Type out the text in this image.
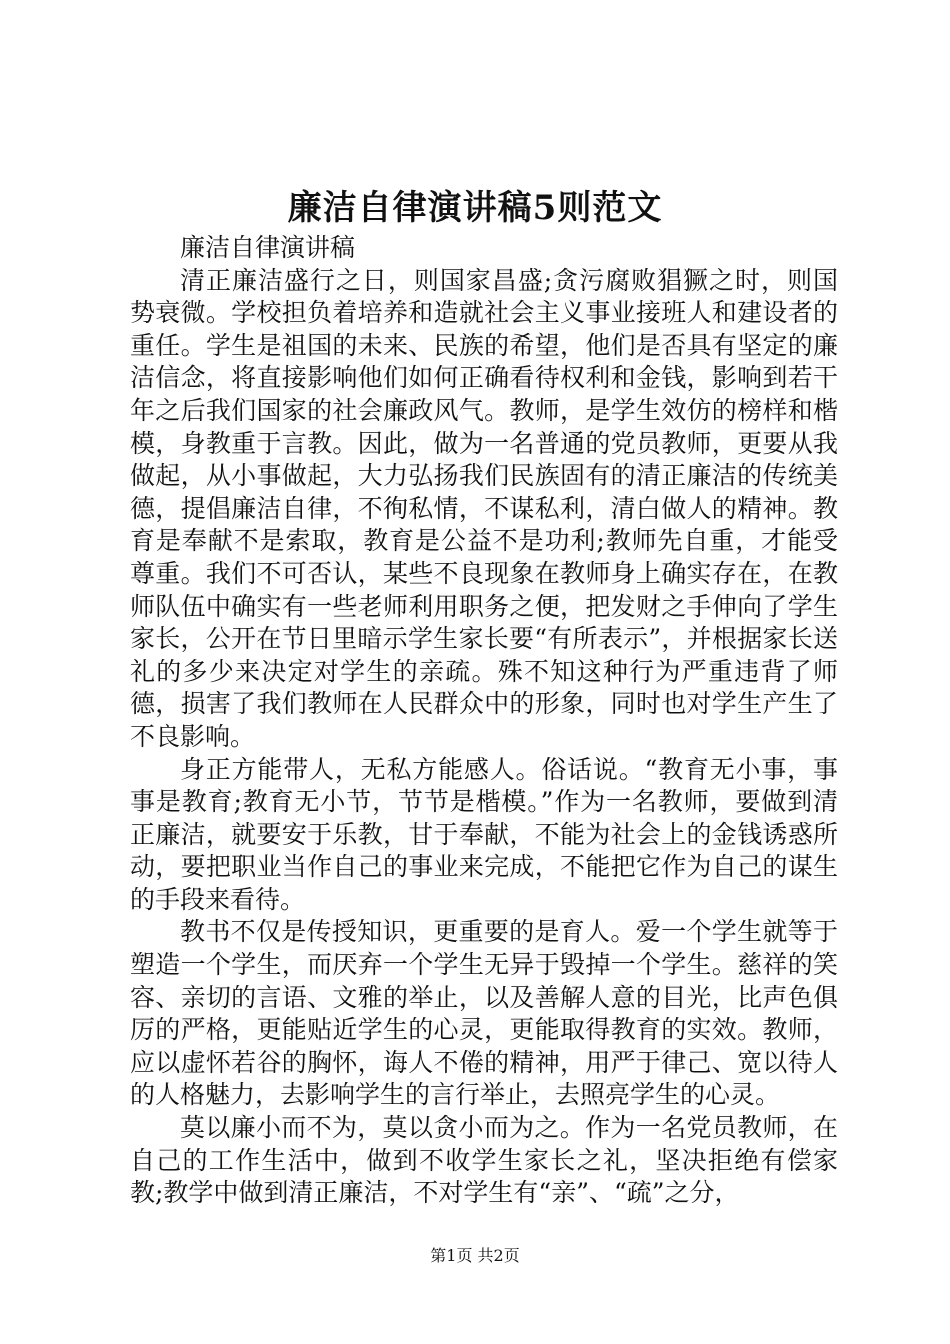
廉洁自律演讲稿5则范文

廉洁自律演讲稿

清正廉洁盛行之日，则国家昌盛;贪污腐败猖獗之时，则国势衰微。学校担负着培养和造就社会主义事业接班人和建设者的重任。学生是祖国的未来、民族的希望，他们是否具有坚定的廉洁信念，将直接影响他们如何正确看待权利和金钱，影响到若干年之后我们国家的社会廉政风气。教师，是学生效仿的榜样和楷模，身教重于言教。因此，做为一名普通的党员教师，更要从我做起，从小事做起，大力弘扬我们民族固有的清正廉洁的传统美德，提倡廉洁自律，不徇私情，不谋私利，清白做人的精神。教育是奉献不是索取，教育是公益不是功利;教师先自重，才能受尊重。我们不可否认，某些不良现象在教师身上确实存在，在教师队伍中确实有一些老师利用职务之便，把发财之手伸向了学生家长，公开在节日里暗示学生家长要“有所表示”，并根据家长送礼的多少来决定对学生的亲疏。殊不知这种行为严重违背了师德，损害了我们教师在人民群众中的形象，同时也对学生产生了不良影响。

身正方能带人，无私方能感人。俗话说。“教育无小事，事事是教育;教育无小节，节节是楷模。”作为一名教师，要做到清正廉洁，就要安于乐教，甘于奉献，不能为社会上的金钱诱惑所动，要把职业当作自己的事业来完成，不能把它作为自己的谋生的手段来看待。

教书不仅是传授知识，更重要的是育人。爱一个学生就等于塑造一个学生，而厌弃一个学生无异于毁掉一个学生。慈祥的笑容、亲切的言语、文雅的举止，以及善解人意的目光，比声色俱厉的严格，更能贴近学生的心灵，更能取得教育的实效。教师，应以虚怀若谷的胸怀，诲人不倦的精神，用严于律己、宽以待人的人格魅力，去影响学生的言行举止，去照亮学生的心灵。

莫以廉小而不为，莫以贪小而为之。作为一名党员教师，在自己的工作生活中，做到不收学生家长之礼，坚决拒绝有偿家教;教学中做到清正廉洁，不对学生有“亲”、“疏”之分，

第1页 共2页
